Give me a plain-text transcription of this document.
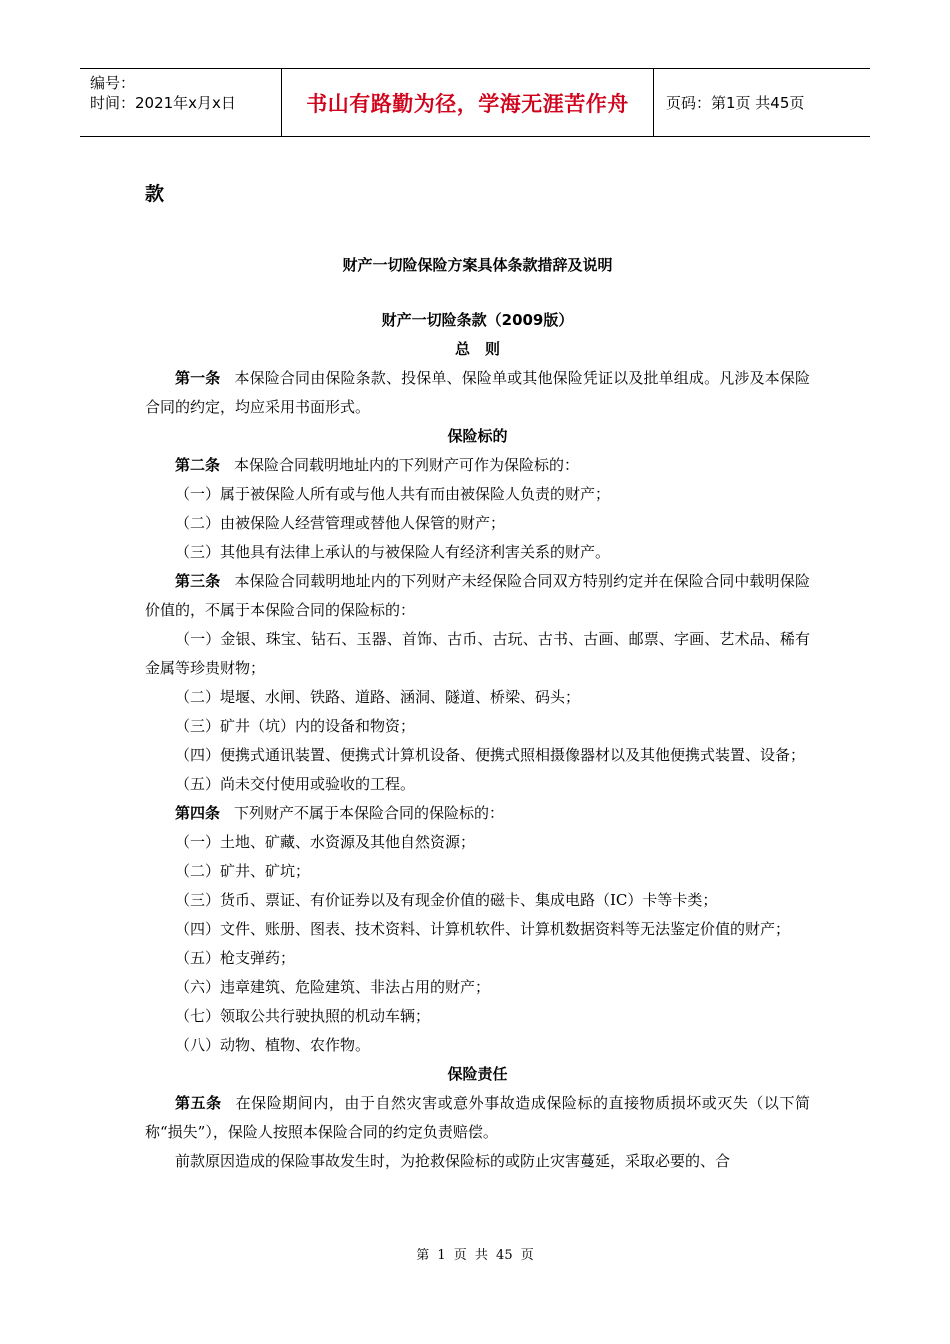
编号：
时间：2021年x月x日	书山有路勤为径，学海无涯苦作舟	页码：第1页 共45页
款
财产一切险保险方案具体条款措辞及说明
财产一切险条款（2009版）
总　则

第一条 本保险合同由保险条款、投保单、保险单或其他保险凭证以及批单组成。凡涉及本保险合同的约定，均应采用书面形式。

保险标的

第二条 本保险合同载明地址内的下列财产可作为保险标的：

（一）属于被保险人所有或与他人共有而由被保险人负责的财产；

（二）由被保险人经营管理或替他人保管的财产；

（三）其他具有法律上承认的与被保险人有经济利害关系的财产。

第三条 本保险合同载明地址内的下列财产未经保险合同双方特别约定并在保险合同中载明保险价值的，不属于本保险合同的保险标的：

（一）金银、珠宝、钻石、玉器、首饰、古币、古玩、古书、古画、邮票、字画、艺术品、稀有金属等珍贵财物；

（二）堤堰、水闸、铁路、道路、涵洞、隧道、桥梁、码头；

（三）矿井（坑）内的设备和物资；

（四）便携式通讯装置、便携式计算机设备、便携式照相摄像器材以及其他便携式装置、设备；

（五）尚未交付使用或验收的工程。

第四条 下列财产不属于本保险合同的保险标的：

（一）土地、矿藏、水资源及其他自然资源；

（二）矿井、矿坑；

（三）货币、票证、有价证券以及有现金价值的磁卡、集成电路（IC）卡等卡类；

（四）文件、账册、图表、技术资料、计算机软件、计算机数据资料等无法鉴定价值的财产；

（五）枪支弹药；

（六）违章建筑、危险建筑、非法占用的财产；

（七）领取公共行驶执照的机动车辆；

（八）动物、植物、农作物。

保险责任

第五条 在保险期间内，由于自然灾害或意外事故造成保险标的直接物质损坏或灭失（以下简称“损失”），保险人按照本保险合同的约定负责赔偿。

前款原因造成的保险事故发生时，为抢救保险标的或防止灾害蔓延，采取必要的、合

第 1 页 共 45 页
